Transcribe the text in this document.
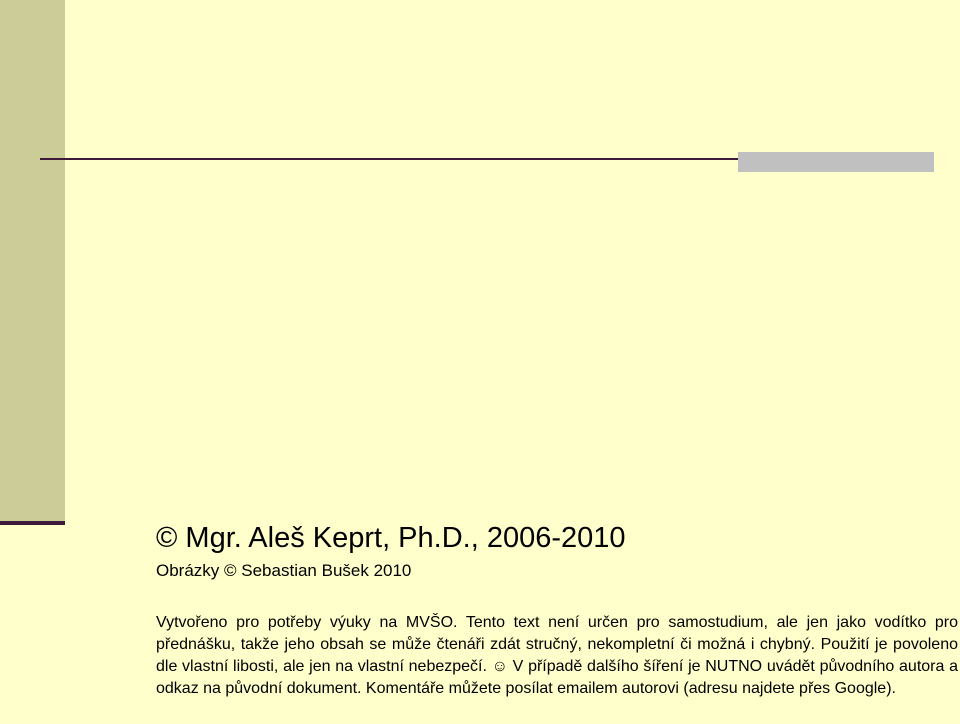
© Mgr. Aleš Keprt, Ph.D., 2006-2010
Obrázky © Sebastian Bušek 2010

Vytvořeno pro potřeby výuky na MVŠO. Tento text není určen pro samostudium, ale jen jako vodítko pro přednášku, takže jeho obsah se může čtenáři zdát stručný, nekompletní či možná i chybný. Použití je povoleno dle vlastní libosti, ale jen na vlastní nebezpečí. ☺ V případě dalšího šíření je NUTNO uvádět původního autora a odkaz na původní dokument. Komentáře můžete posílat emailem autorovi (adresu najdete přes Google).
